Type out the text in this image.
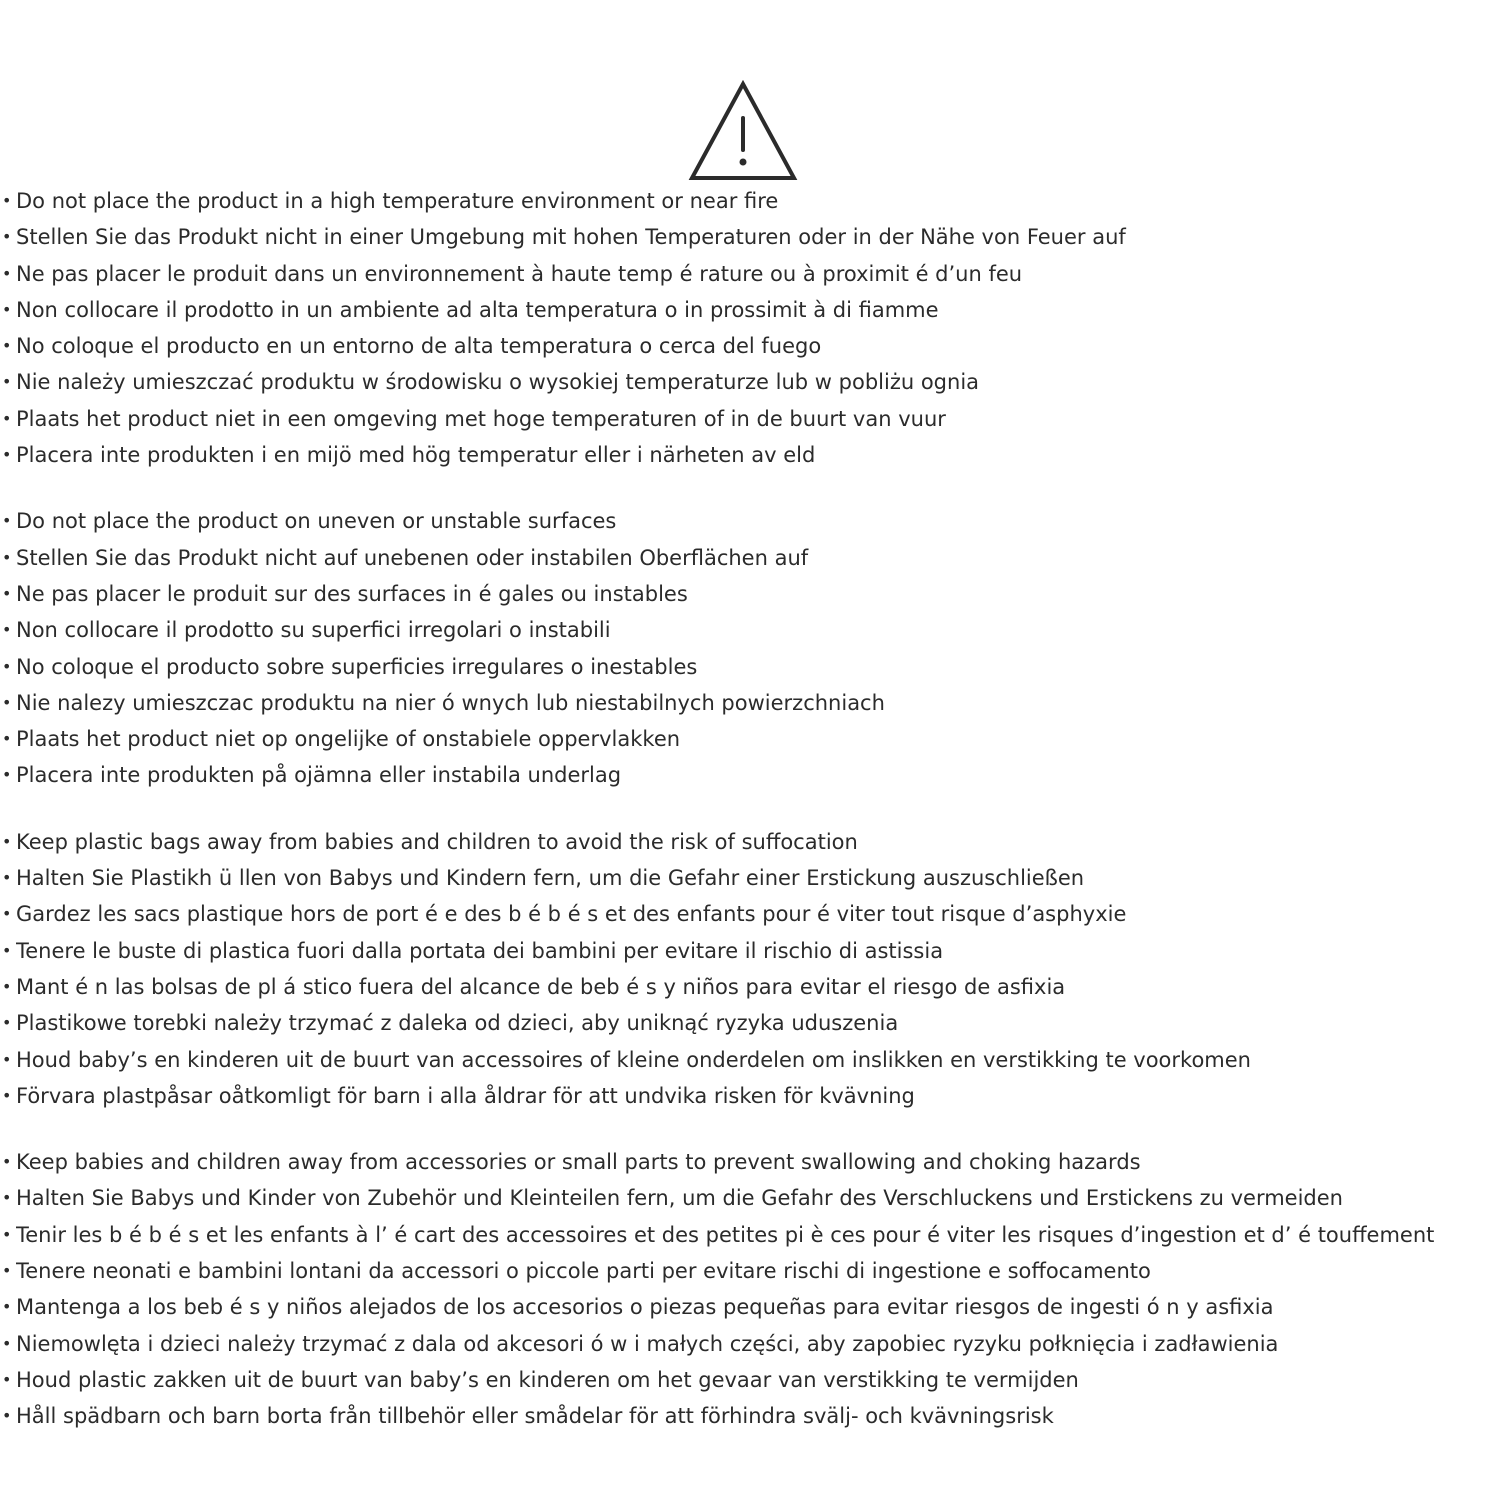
• Do not place the product in a high temperature environment or near fire
• Stellen Sie das Produkt nicht in einer Umgebung mit hohen Temperaturen oder in der Nähe von Feuer auf
• Ne pas placer le produit dans un environnement à haute temp é rature ou à proximit é d’un feu
• Non collocare il prodotto in un ambiente ad alta temperatura o in prossimit à di fiamme
• No coloque el producto en un entorno de alta temperatura o cerca del fuego
• Nie należy umieszczać produktu w środowisku o wysokiej temperaturze lub w pobliżu ognia
• Plaats het product niet in een omgeving met hoge temperaturen of in de buurt van vuur
• Placera inte produkten i en mijö med hög temperatur eller i närheten av eld
• Do not place the product on uneven or unstable surfaces
• Stellen Sie das Produkt nicht auf unebenen oder instabilen Oberflächen auf
• Ne pas placer le produit sur des surfaces in é gales ou instables
• Non collocare il prodotto su superfici irregolari o instabili
• No coloque el producto sobre superficies irregulares o inestables
• Nie nalezy umieszczac produktu na nier ó wnych lub niestabilnych powierzchniach
• Plaats het product niet op ongelijke of onstabiele oppervlakken
• Placera inte produkten på ojämna eller instabila underlag
• Keep plastic bags away from babies and children to avoid the risk of suffocation
• Halten Sie Plastikh ü llen von Babys und Kindern fern, um die Gefahr einer Erstickung auszuschließen
• Gardez les sacs plastique hors de port é e des b é b é s et des enfants pour é viter tout risque d’asphyxie
• Tenere le buste di plastica fuori dalla portata dei bambini per evitare il rischio di astissia
• Mant é n las bolsas de pl á stico fuera del alcance de beb é s y niños para evitar el riesgo de asfixia
• Plastikowe torebki należy trzymać z daleka od dzieci, aby uniknąć ryzyka uduszenia
• Houd baby’s en kinderen uit de buurt van accessoires of kleine onderdelen om inslikken en verstikking te voorkomen
• Förvara plastpåsar oåtkomligt för barn i alla åldrar för att undvika risken för kvävning
• Keep babies and children away from accessories or small parts to prevent swallowing and choking hazards
• Halten Sie Babys und Kinder von Zubehör und Kleinteilen fern, um die Gefahr des Verschluckens und Erstickens zu vermeiden
• Tenir les b é b é s et les enfants à l’ é cart des accessoires et des petites pi è ces pour é viter les risques d’ingestion et d’ é touffement
• Tenere neonati e bambini lontani da accessori o piccole parti per evitare rischi di ingestione e soffocamento
• Mantenga a los beb é s y niños alejados de los accesorios o piezas pequeñas para evitar riesgos de ingesti ó n y asfixia
• Niemowlęta i dzieci należy trzymać z dala od akcesori ó w i małych części, aby zapobiec ryzyku połknięcia i zadławienia
• Houd plastic zakken uit de buurt van baby’s en kinderen om het gevaar van verstikking te vermijden
• Håll spädbarn och barn borta från tillbehör eller smådelar för att förhindra svälj- och kvävningsrisk
